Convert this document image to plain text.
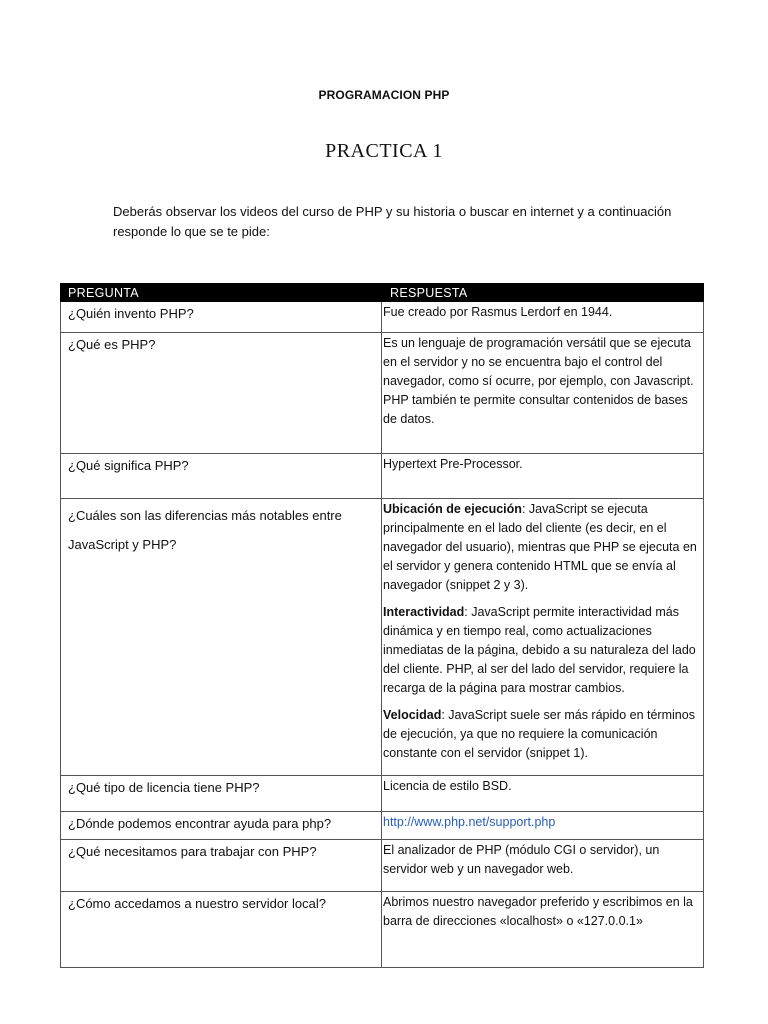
PROGRAMACION PHP
PRACTICA 1
Deberás observar los videos del curso de PHP y su historia o buscar en internet y a continuación responde lo que se te pide:
PREGUNTA	RESPUESTA
¿Quién invento PHP?	Fue creado por Rasmus Lerdorf en 1944.
¿Qué es PHP?	Es un lenguaje de programación versátil que se ejecuta en el servidor y no se encuentra bajo el control del navegador, como sí ocurre, por ejemplo, con Javascript. PHP también te permite consultar contenidos de bases de datos.
¿Qué significa PHP?	Hypertext Pre-Processor.
¿Cuáles son las diferencias más notables entre JavaScript y PHP?	Ubicación de ejecución: JavaScript se ejecuta principalmente en el lado del cliente (es decir, en el navegador del usuario), mientras que PHP se ejecuta en el servidor y genera contenido HTML que se envía al navegador (snippet 2 y 3).

Interactividad: JavaScript permite interactividad más dinámica y en tiempo real, como actualizaciones inmediatas de la página, debido a su naturaleza del lado del cliente. PHP, al ser del lado del servidor, requiere la recarga de la página para mostrar cambios.

Velocidad: JavaScript suele ser más rápido en términos de ejecución, ya que no requiere la comunicación constante con el servidor (snippet 1).

¿Qué tipo de licencia tiene PHP?	Licencia de estilo BSD.
¿Dónde podemos encontrar ayuda para php?	http://www.php.net/support.php
¿Qué necesitamos para trabajar con PHP?	El analizador de PHP (módulo CGI o servidor), un servidor web y un navegador web.
¿Cómo accedamos a nuestro servidor local?	Abrimos nuestro navegador preferido y escribimos en la barra de direcciones «localhost» o «127.0.0.1»
